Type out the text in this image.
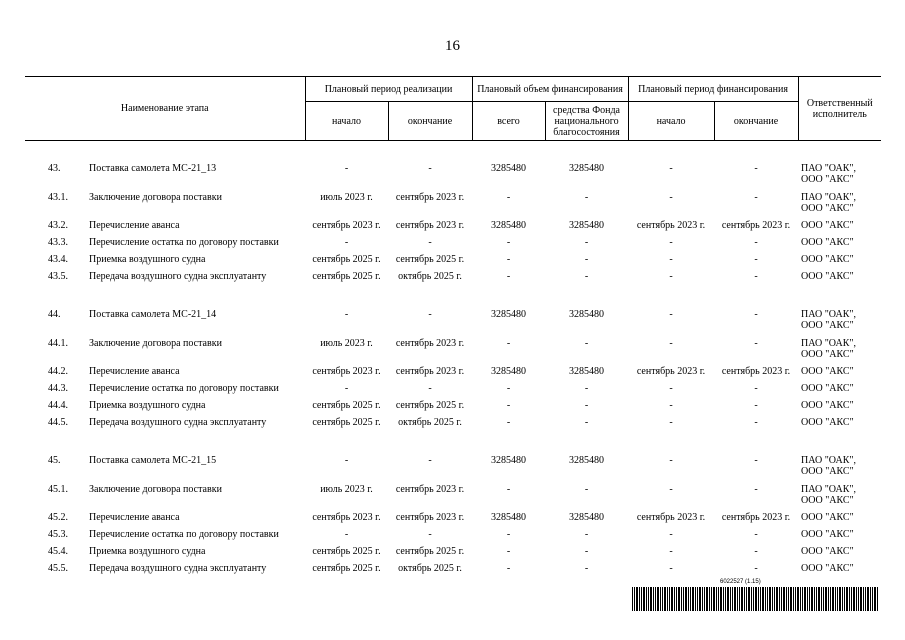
16
Наименование этапа		Плановый период реализации		Плановый объем финансирования		Плановый период финансирования		Ответственный исполнитель
		начало	окончание	всего	средства Фонда национального благосостояния	начало	окончание	

43.	Поставка самолета МС-21_13	-	-	3285480	3285480	-	-	ПАО "ОАК", ООО "АКС"
43.1.	Заключение договора поставки	июль 2023 г.	сентябрь 2023 г.	-	-	-	-	ПАО "ОАК", ООО "АКС"
43.2.	Перечисление аванса	сентябрь 2023 г.	сентябрь 2023 г.	3285480	3285480	сентябрь 2023 г.	сентябрь 2023 г.	ООО "АКС"
43.3.	Перечисление остатка по договору поставки	-	-	-	-	-	-	ООО "АКС"
43.4.	Приемка воздушного судна	сентябрь 2025 г.	сентябрь 2025 г.	-	-	-	-	ООО "АКС"
43.5.	Передача воздушного судна эксплуатанту	сентябрь 2025 г.	октябрь 2025 г.	-	-	-	-	ООО "АКС"

44.	Поставка самолета МС-21_14	-	-	3285480	3285480	-	-	ПАО "ОАК", ООО "АКС"
44.1.	Заключение договора поставки	июль 2023 г.	сентябрь 2023 г.	-	-	-	-	ПАО "ОАК", ООО "АКС"
44.2.	Перечисление аванса	сентябрь 2023 г.	сентябрь 2023 г.	3285480	3285480	сентябрь 2023 г.	сентябрь 2023 г.	ООО "АКС"
44.3.	Перечисление остатка по договору поставки	-	-	-	-	-	-	ООО "АКС"
44.4.	Приемка воздушного судна	сентябрь 2025 г.	сентябрь 2025 г.	-	-	-	-	ООО "АКС"
44.5.	Передача воздушного судна эксплуатанту	сентябрь 2025 г.	октябрь 2025 г.	-	-	-	-	ООО "АКС"

45.	Поставка самолета МС-21_15	-	-	3285480	3285480	-	-	ПАО "ОАК", ООО "АКС"
45.1.	Заключение договора поставки	июль 2023 г.	сентябрь 2023 г.	-	-	-	-	ПАО "ОАК", ООО "АКС"
45.2.	Перечисление аванса	сентябрь 2023 г.	сентябрь 2023 г.	3285480	3285480	сентябрь 2023 г.	сентябрь 2023 г.	ООО "АКС"
45.3.	Перечисление остатка по договору поставки	-	-	-	-	-	-	ООО "АКС"
45.4.	Приемка воздушного судна	сентябрь 2025 г.	сентябрь 2025 г.	-	-	-	-	ООО "АКС"
45.5.	Передача воздушного судна эксплуатанту	сентябрь 2025 г.	октябрь 2025 г.	-	-	-	-	ООО "АКС"
6022527 (1.15)
